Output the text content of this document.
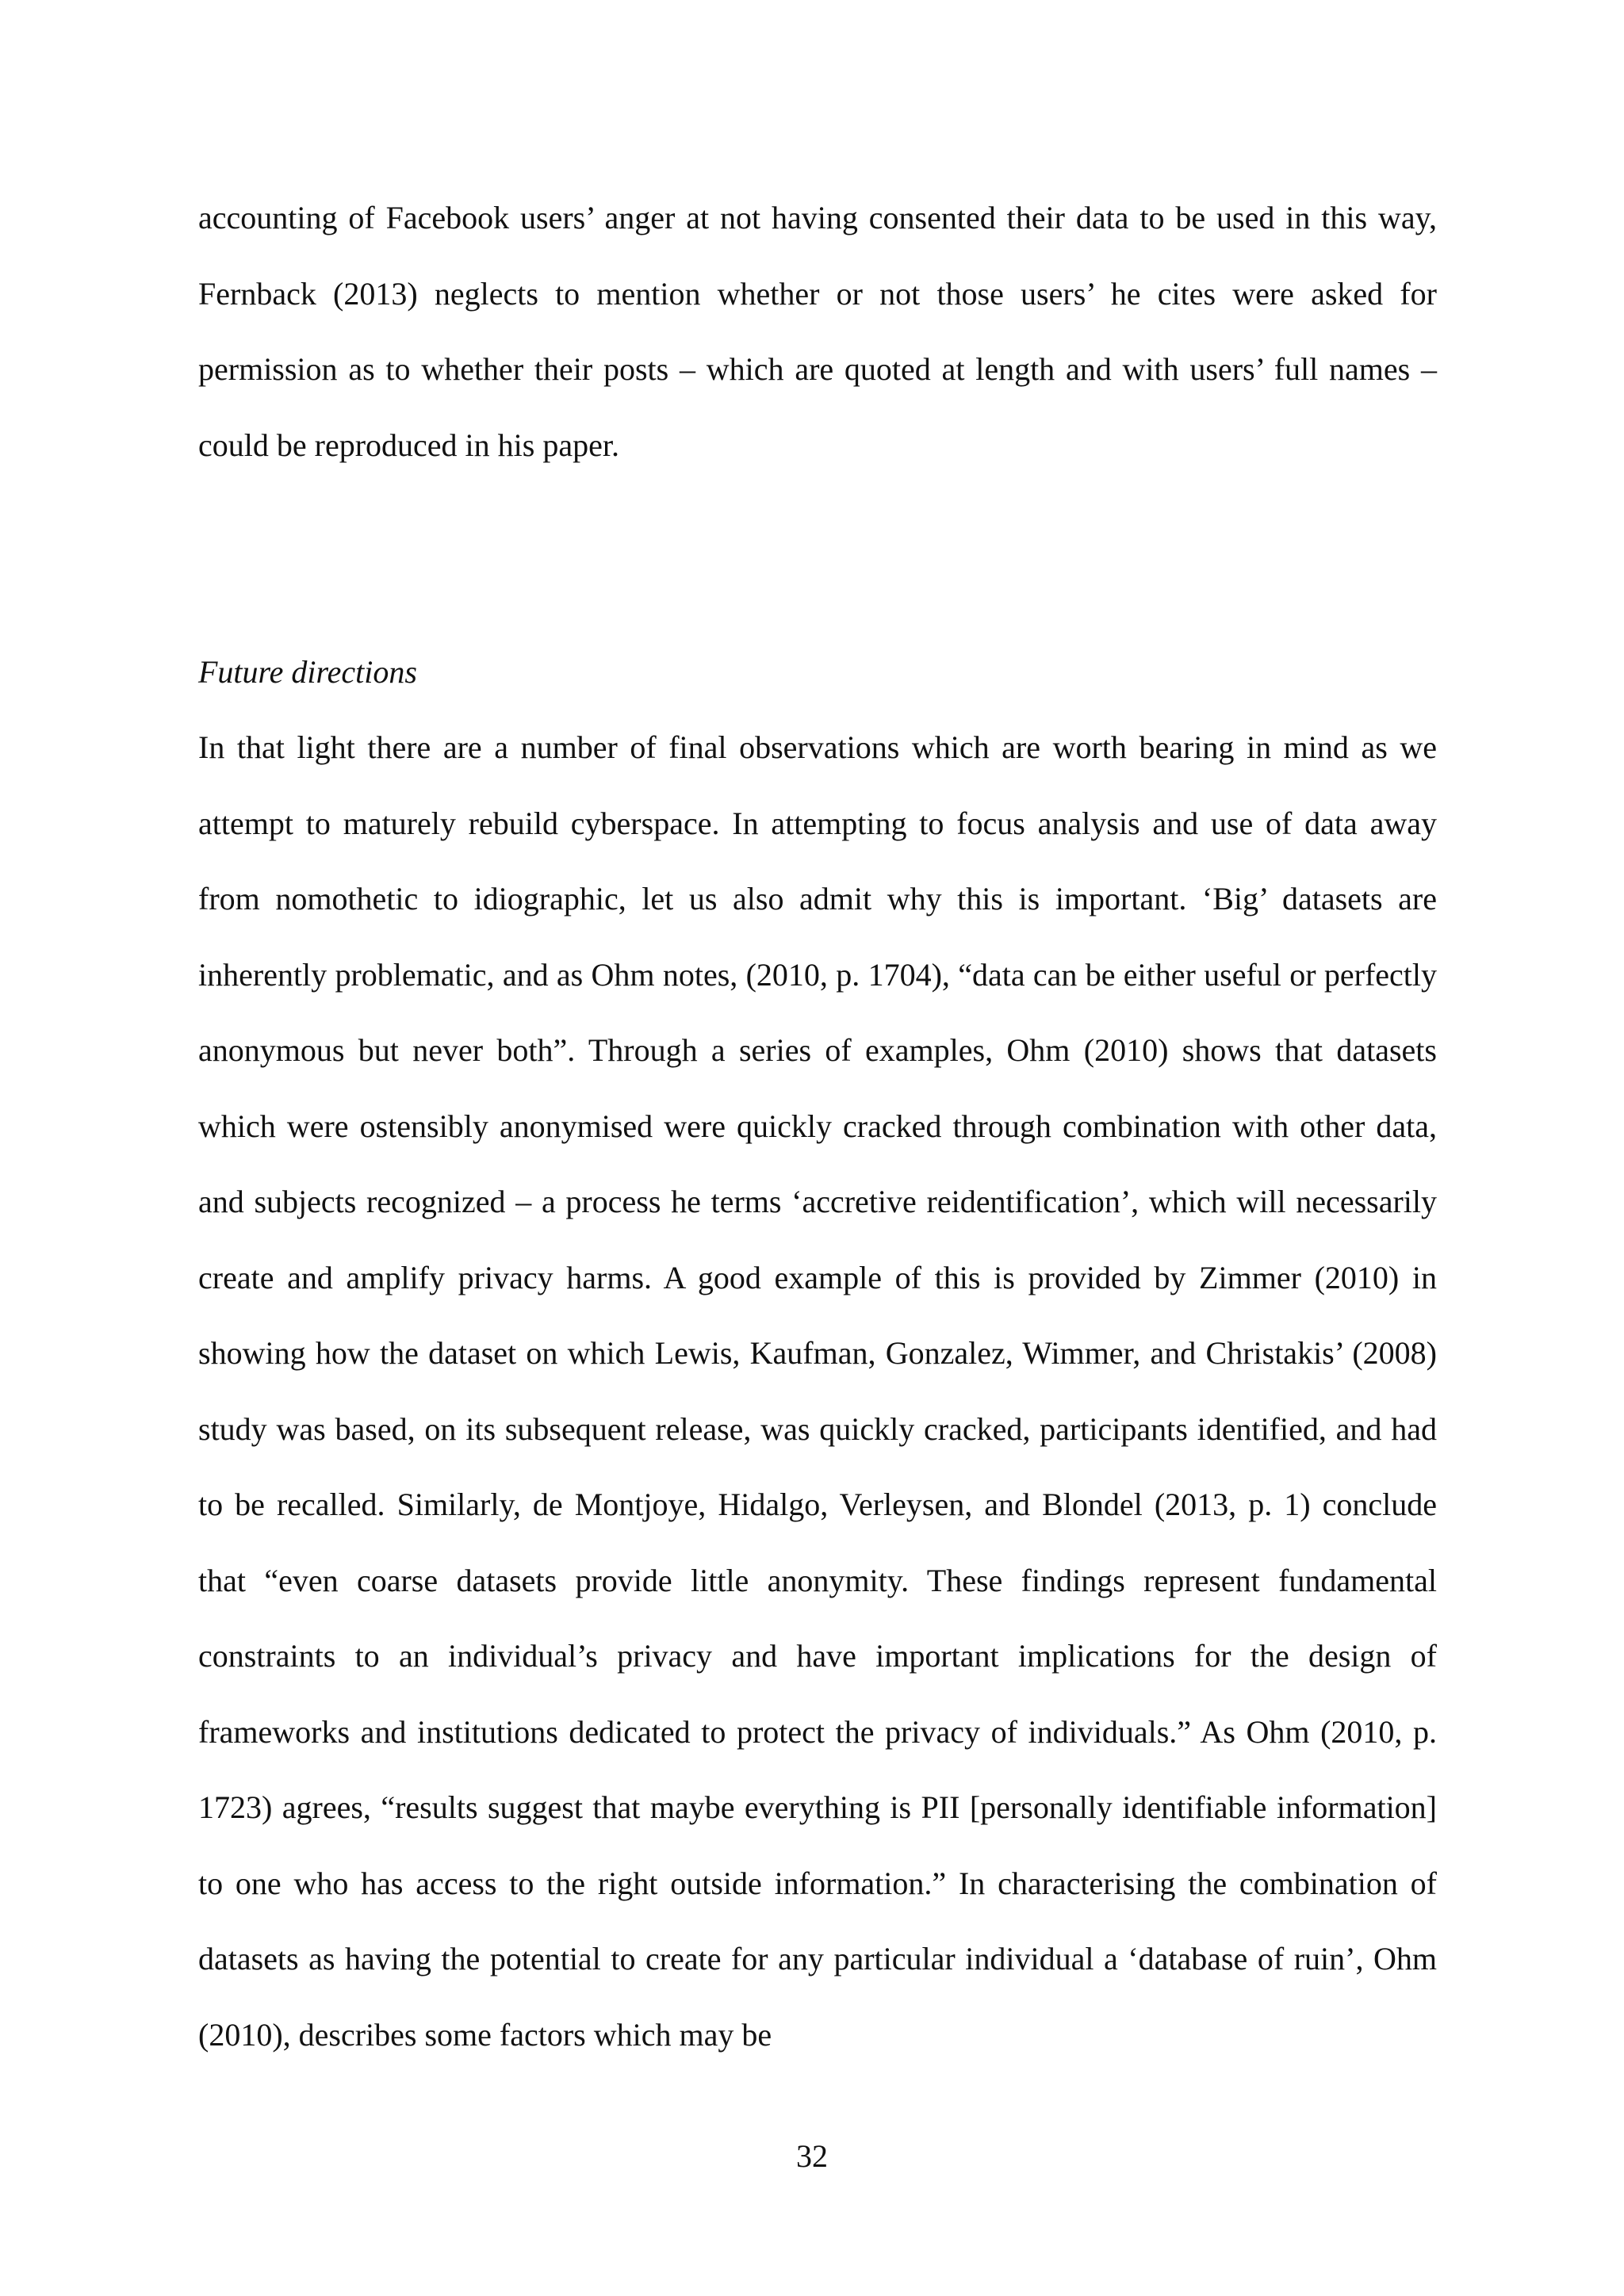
accounting of Facebook users’ anger at not having consented their data to be used in this way, Fernback (2013) neglects to mention whether or not those users’ he cites were asked for permission as to whether their posts – which are quoted at length and with users’ full names – could be reproduced in his paper.

Future directions

In that light there are a number of final observations which are worth bearing in mind as we attempt to maturely rebuild cyberspace. In attempting to focus analysis and use of data away from nomothetic to idiographic, let us also admit why this is important. ‘Big’ datasets are inherently problematic, and as Ohm notes, (2010, p. 1704), “data can be either useful or perfectly anonymous but never both”. Through a series of examples, Ohm (2010) shows that datasets which were ostensibly anonymised were quickly cracked through combination with other data, and subjects recognized – a process he terms ‘accretive reidentification’, which will necessarily create and amplify privacy harms. A good example of this is provided by Zimmer (2010) in showing how the dataset on which Lewis, Kaufman, Gonzalez, Wimmer, and Christakis’ (2008) study was based, on its subsequent release, was quickly cracked, participants identified, and had to be recalled. Similarly, de Montjoye, Hidalgo, Verleysen, and Blondel (2013, p. 1) conclude that “even coarse datasets provide little anonymity. These findings represent fundamental constraints to an individual’s privacy and have important implications for the design of frameworks and institutions dedicated to protect the privacy of individuals.” As Ohm (2010, p. 1723) agrees, “results suggest that maybe everything is PII [personally identifiable information] to one who has access to the right outside information.” In characterising the combination of datasets as having the potential to create for any particular individual a ‘database of ruin’, Ohm (2010), describes some factors which may be

32
